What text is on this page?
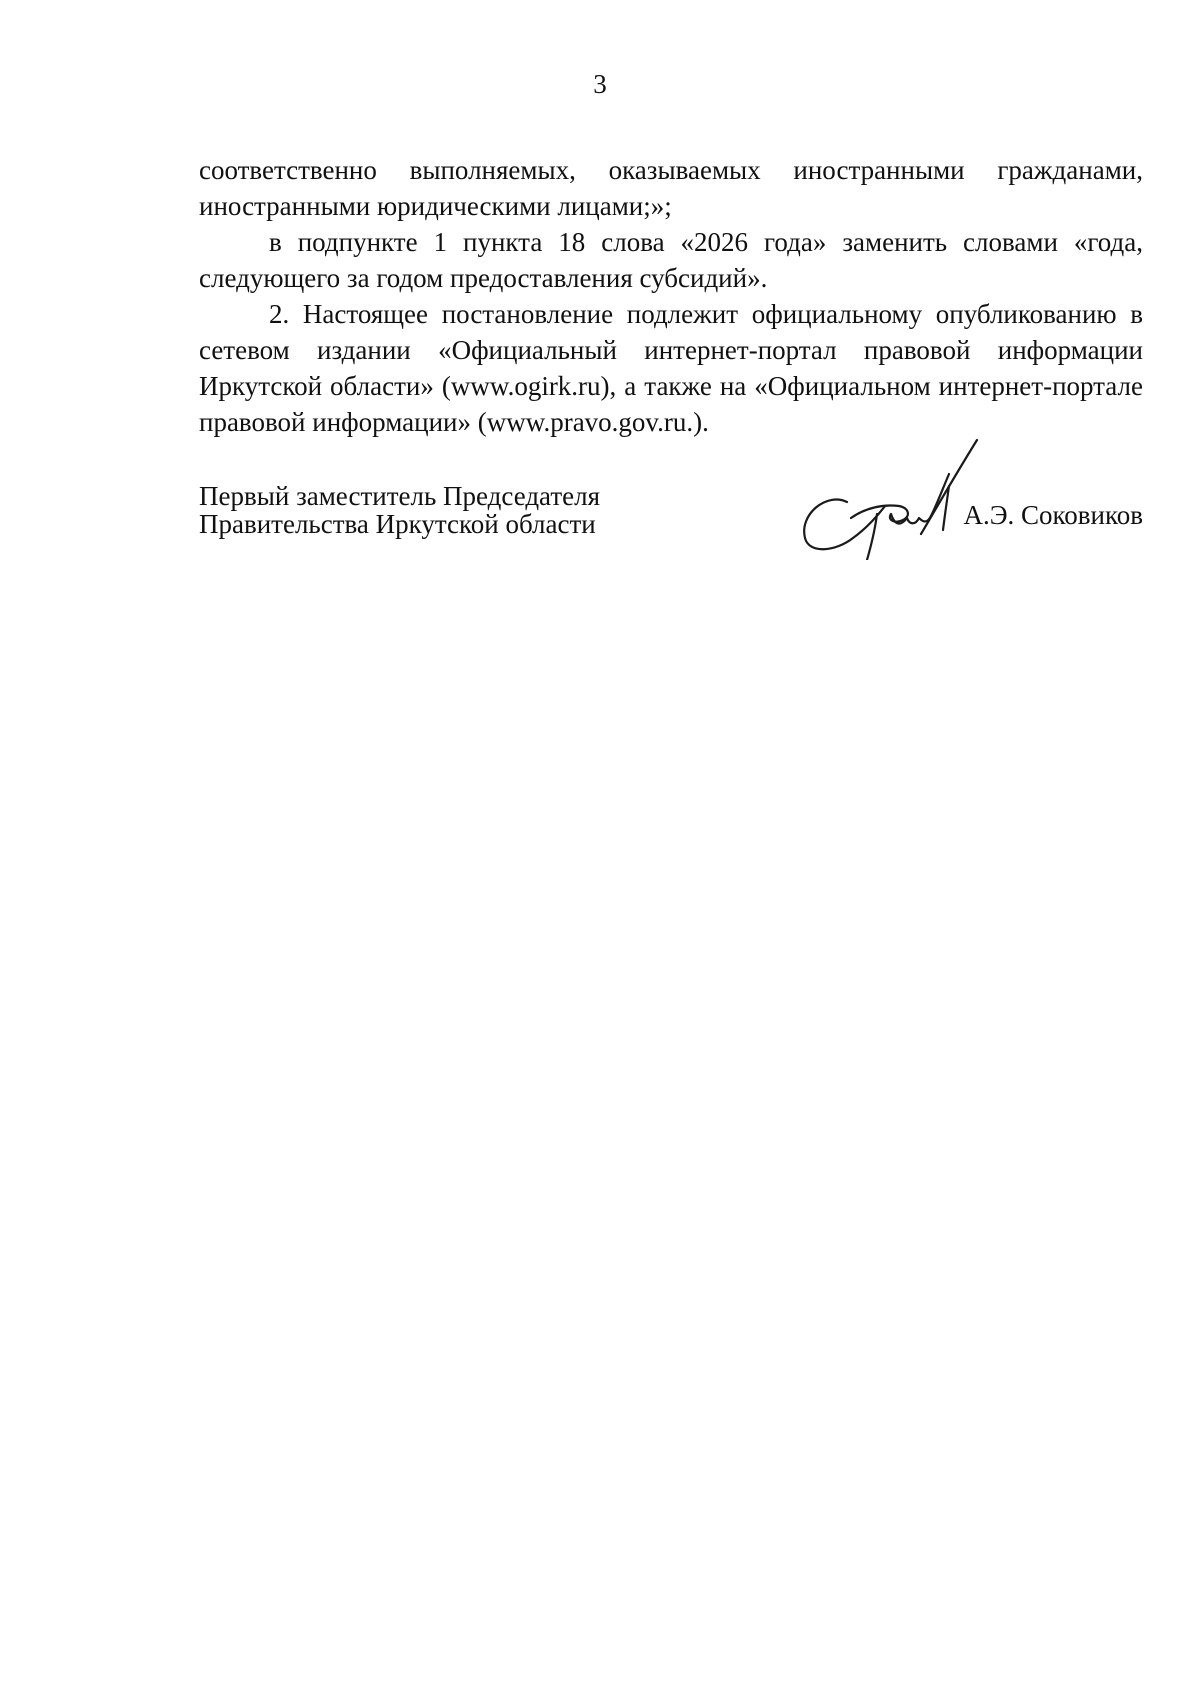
3

соответственно выполняемых, оказываемых иностранными гражданами, иностранными юридическими лицами;»;

в подпункте 1 пункта 18 слова «2026 года» заменить словами «года, следующего за годом предоставления субсидий».

2. Настоящее постановление подлежит официальному опубликованию в сетевом издании «Официальный интернет-портал правовой информации Иркутской области» (www.ogirk.ru), а также на «Официальном интернет-портале правовой информации» (www.pravo.gov.ru.).

Первый заместитель Председателя
Правительства Иркутской области	А.Э. Соковиков
